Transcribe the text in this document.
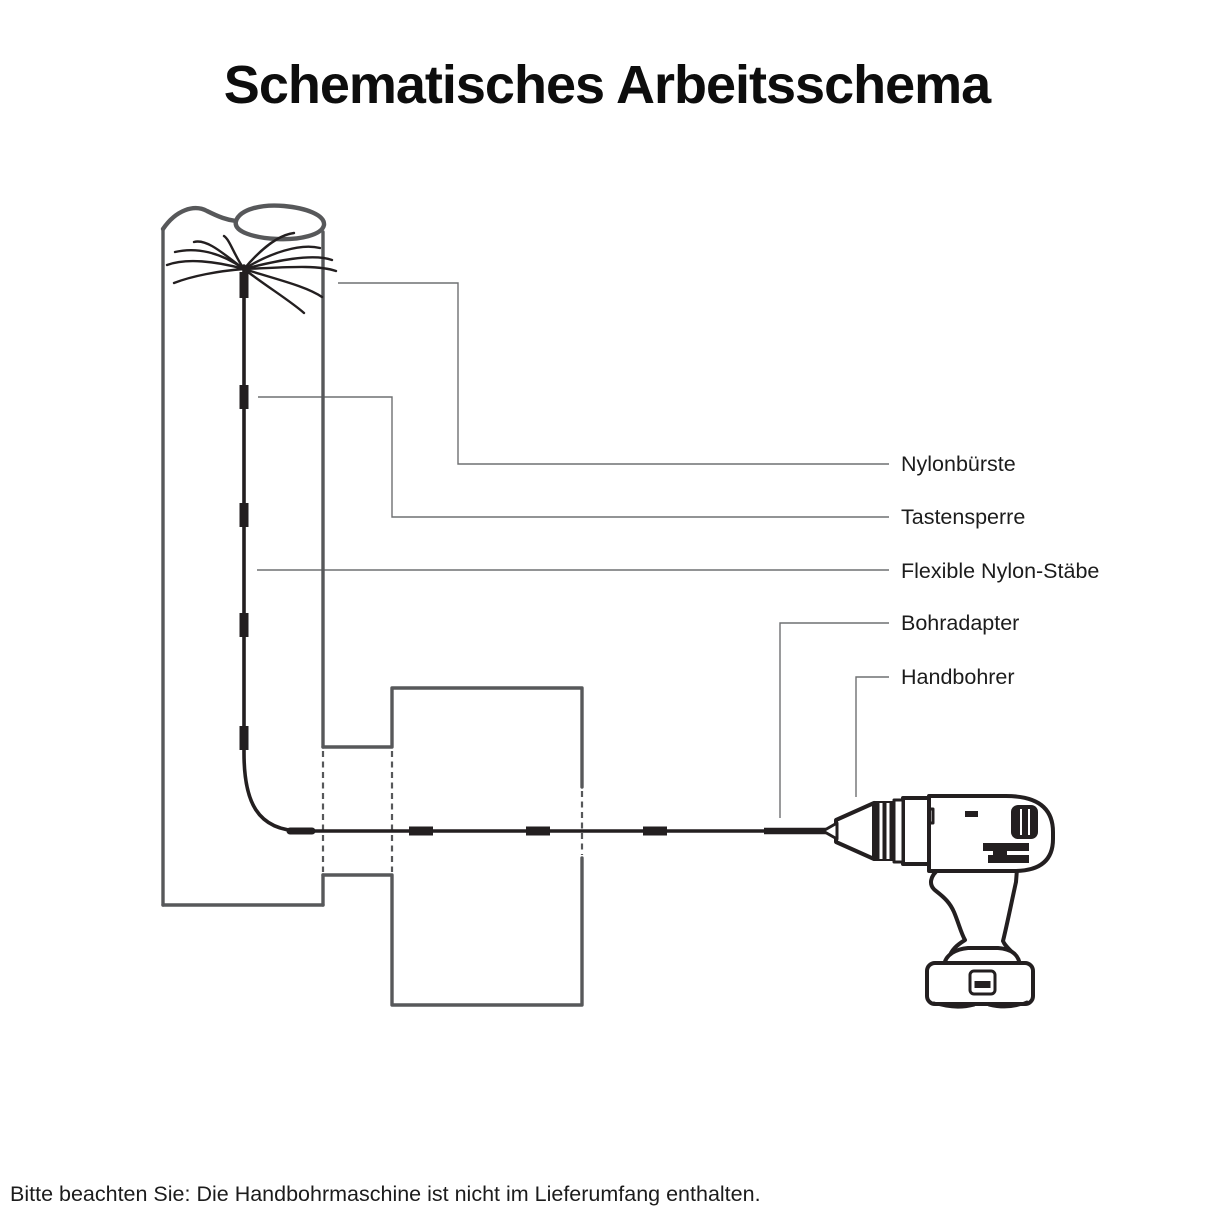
Schematisches Arbeitsschema
Nylonbürste
Tastensperre
Flexible Nylon-Stäbe
Bohradapter
Handbohrer
Bitte beachten Sie: Die Handbohrmaschine ist nicht im Lieferumfang enthalten.
